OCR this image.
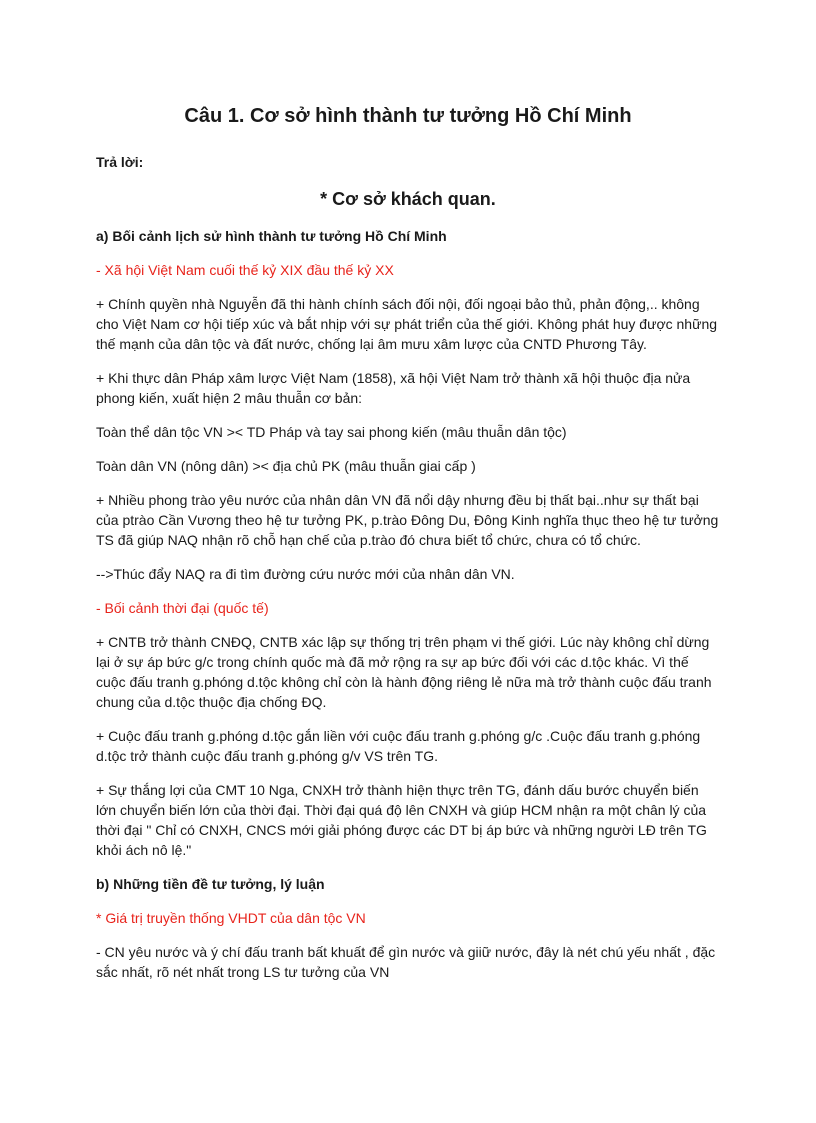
Câu 1. Cơ sở hình thành tư tưởng Hồ Chí Minh
Trả lời:
* Cơ sở khách quan.
a) Bối cảnh lịch sử hình thành tư tưởng Hồ Chí Minh
- Xã hội Việt Nam cuối thế kỷ XIX đầu thế kỷ XX

+ Chính quyền nhà Nguyễn đã thi hành chính sách đối nội, đối ngoại bảo thủ, phản động,.. không cho Việt Nam cơ hội tiếp xúc và bắt nhịp với sự phát triển của thế giới. Không phát huy được những thế mạnh của dân tộc và đất nước, chống lại âm mưu xâm lược của CNTD Phương Tây.

+ Khi thực dân Pháp xâm lược Việt Nam (1858), xã hội Việt Nam trở thành xã hội thuộc địa nửa phong kiến, xuất hiện 2 mâu thuẫn cơ bản:

Toàn thể dân tộc VN >< TD Pháp và tay sai phong kiến (mâu thuẫn dân tộc)

Toàn dân VN (nông dân) >< địa chủ PK (mâu thuẫn giai cấp )

+ Nhiều phong trào yêu nước của nhân dân VN đã nổi dậy nhưng đều bị thất bại..như sự thất bại của ptrào Cần Vương theo hệ tư tưởng PK, p.trào Đông Du, Đông Kinh nghĩa thục theo hệ tư tưởng TS đã giúp NAQ nhận rõ chỗ hạn chế của p.trào đó chưa biết tổ chức, chưa có tổ chức.

-->Thúc đẩy NAQ ra đi tìm đường cứu nước mới của nhân dân VN.

- Bối cảnh thời đại (quốc tế)

+ CNTB trở thành CNĐQ, CNTB xác lập sự thống trị trên phạm vi thế giới. Lúc này không chỉ dừng lại ở sự áp bức g/c trong chính quốc mà đã mở rộng ra sự ap bức đối với các d.tộc khác. Vì thế cuộc đấu tranh g.phóng d.tộc không chỉ còn là hành động riêng lẻ nữa mà trở thành cuộc đấu tranh chung của d.tộc thuộc địa chống ĐQ.

+ Cuộc đấu tranh g.phóng d.tộc gắn liền với cuộc đấu tranh g.phóng g/c .Cuộc đấu tranh g.phóng d.tộc trở thành cuộc đấu tranh g.phóng g/v VS trên TG.

+ Sự thắng lợi của CMT 10 Nga, CNXH trở thành hiện thực trên TG, đánh dấu bước chuyển biến lớn chuyển biến lớn của thời đại. Thời đại quá độ lên CNXH và giúp HCM nhận ra một chân lý của thời đại " Chỉ có CNXH, CNCS mới giải phóng được các DT bị áp bức và những người LĐ trên TG khỏi ách nô lệ."

b) Những tiền đề tư tưởng, lý luận
* Giá trị truyền thống VHDT của dân tộc VN

- CN yêu nước và ý chí đấu tranh bất khuất để gìn nước và giiữ nước, đây là nét chú yếu nhất , đặc sắc nhất, rõ nét nhất trong LS tư tưởng của VN
